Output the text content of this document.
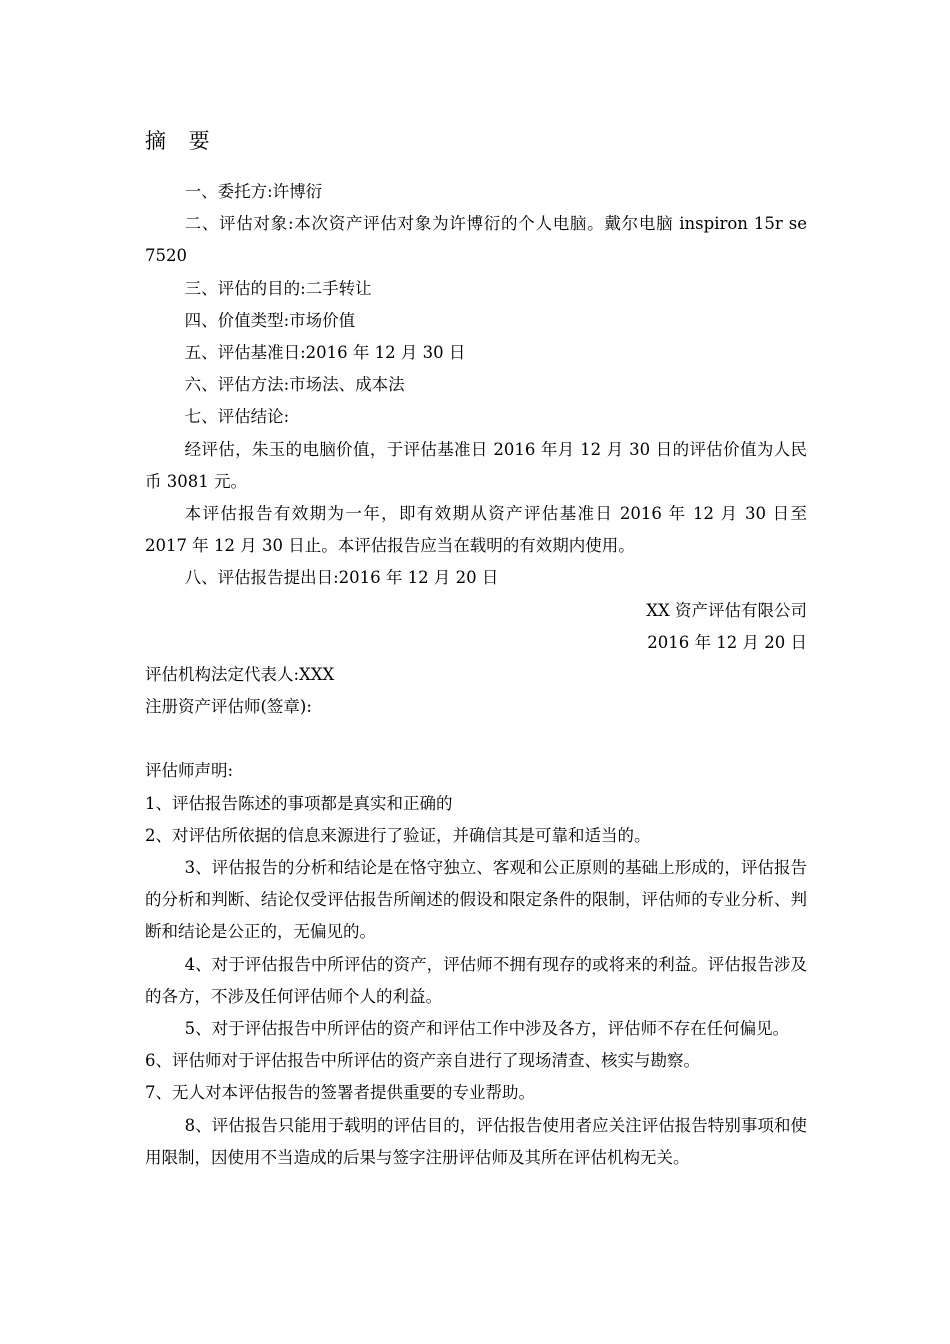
摘 要

一、委托方:许博衍

二、评估对象:本次资产评估对象为许博衍的个人电脑。戴尔电脑 inspiron 15r se 7520

三、评估的目的:二手转让

四、价值类型:市场价值

五、评估基准日:2016 年 12 月 30 日

六、评估方法:市场法、成本法

七、评估结论:

经评估，朱玉的电脑价值，于评估基准日 2016 年月 12 月 30 日的评估价值为人民币 3081 元。

本评估报告有效期为一年，即有效期从资产评估基准日 2016 年 12 月 30 日至 2017 年 12 月 30 日止。本评估报告应当在载明的有效期内使用。

八、评估报告提出日:2016 年 12 月 20 日

XX 资产评估有限公司

2016 年 12 月 20 日

评估机构法定代表人:XXX

注册资产评估师(签章):

评估师声明:

1、评估报告陈述的事项都是真实和正确的

2、对评估所依据的信息来源进行了验证，并确信其是可靠和适当的。

3、评估报告的分析和结论是在恪守独立、客观和公正原则的基础上形成的，评估报告的分析和判断、结论仅受评估报告所阐述的假设和限定条件的限制，评估师的专业分析、判断和结论是公正的，无偏见的。

4、对于评估报告中所评估的资产，评估师不拥有现存的或将来的利益。评估报告涉及的各方，不涉及任何评估师个人的利益。

5、对于评估报告中所评估的资产和评估工作中涉及各方，评估师不存在任何偏见。

6、评估师对于评估报告中所评估的资产亲自进行了现场清查、核实与勘察。

7、无人对本评估报告的签署者提供重要的专业帮助。

8、评估报告只能用于载明的评估目的，评估报告使用者应关注评估报告特别事项和使用限制，因使用不当造成的后果与签字注册评估师及其所在评估机构无关。
